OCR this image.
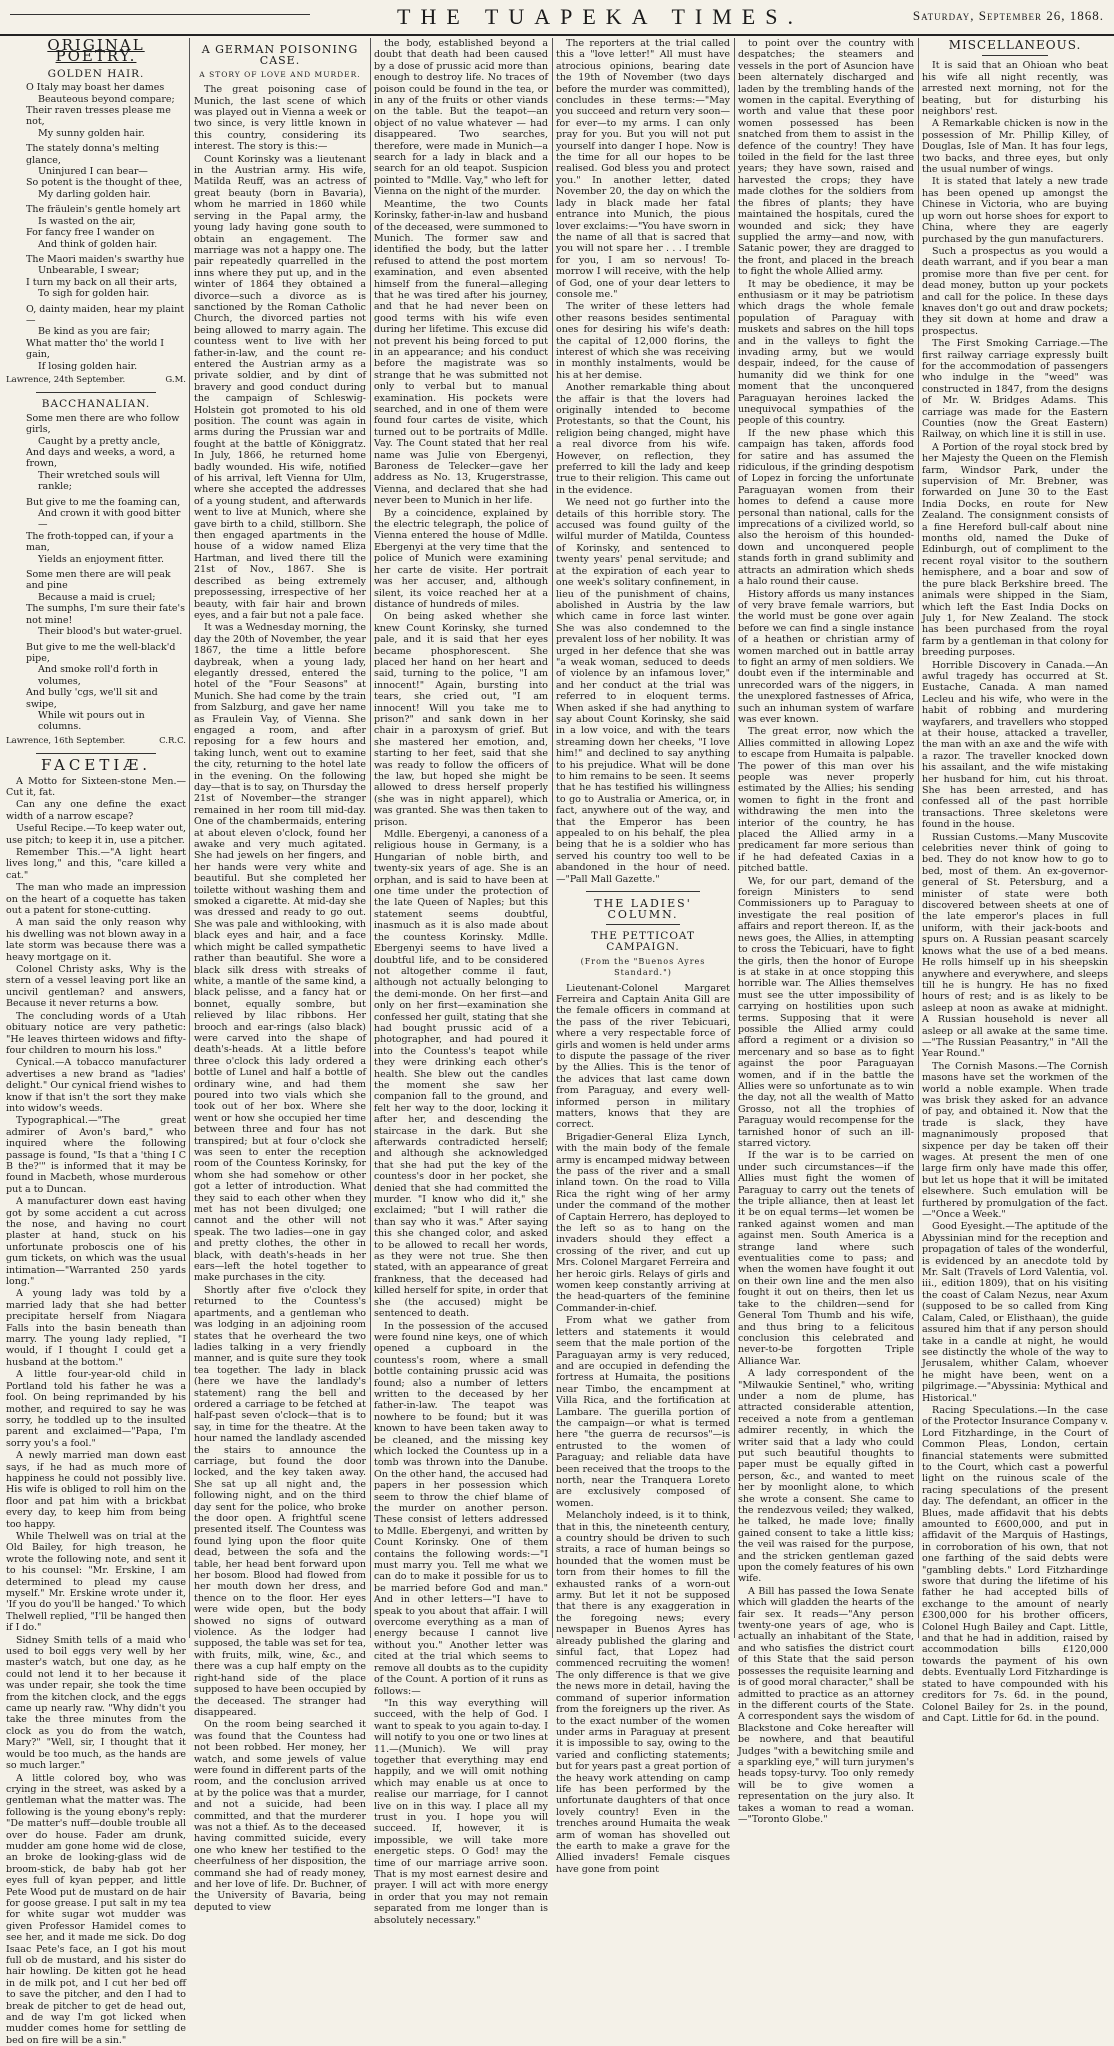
THE TUAPEKA TIMES.	Saturday, September 26, 1868.
ORIGINAL POETRY.
GOLDEN HAIR.

O Italy may boast her dames

Beauteous beyond compare;

Their raven tresses please me not,

My sunny golden hair.

The stately donna's melting glance,

Uninjured I can bear—

So potent is the thought of thee,

My darling golden hair.

The fräulein's gentle homely art

Is wasted on the air,

For fancy free I wander on

And think of golden hair.

The Maori maiden's swarthy hue

Unbearable, I swear;

I turn my back on all their arts,

To sigh for golden hair.

O, dainty maiden, hear my plaint—

Be kind as you are fair;

What matter tho' the world I gain,

If losing golden hair.

Lawrence, 24th September.	G.M.
BACCHANALIAN.

Some men there are who follow girls,

Caught by a pretty ancle,

And days and weeks, a word, a frown,

Their wretched souls will rankle;

But give to me the foaming can,

And crown it with good bitter—

The froth-topped can, if your a man,

Yields an enjoyment fitter.

Some men there are will peak and pine

Because a maid is cruel;

The sumphs, I'm sure their fate's not mine!

Their blood's but water-gruel.

But give to me the well-black'd pipe,

And smoke roll'd forth in volumes,

And bully 'cgs, we'll sit and swipe,

While wit pours out in columns.

Lawrence, 16th September.	C.R.C.
FACETIÆ.

A Motto for Sixteen-stone Men.—Cut it, fat.

Can any one define the exact width of a narrow escape?

Useful Recipe.—To keep water out, use pitch; to keep it in, use a pitcher.

Remember This.—"A light heart lives long," and this, "care killed a cat."

The man who made an impression on the heart of a coquette has taken out a patent for stone-cutting.

A man said the only reason why his dwelling was not blown away in a late storm was because there was a heavy mortgage on it.

Colonel Christy asks, Why is the stern of a vessel leaving port like an uncivil gentleman? and answers, Because it never returns a bow.

The concluding words of a Utah obituary notice are very pathetic: "He leaves thirteen widows and fifty-four children to mourn his loss."

Cynical.—A tobacco manufacturer advertises a new brand as "ladies' delight." Our cynical friend wishes to know if that isn't the sort they make into widow's weeds.

Typographical.—"The great admirer of Avon's bard," who inquired where the following passage is found, "Is that a 'thing I C B the?'" is informed that it may be found in Macbeth, whose murderous put a to Duncan.

A manufacturer down east having got by some accident a cut across the nose, and having no court plaster at hand, stuck on his unfortunate proboscis one of his gum tickets, on which was the usual intimation—"Warranted 250 yards long."

A young lady was told by a married lady that she had better precipitate herself from Niagara Falls into the basin beneath than marry. The young lady replied, "I would, if I thought I could get a husband at the bottom."

A little four-year-old child in Portland told his father he was a fool. On being reprimanded by his mother, and required to say he was sorry, he toddled up to the insulted parent and exclaimed—"Papa, I'm sorry you's a fool."

A newly married man down east says, if he had as much more of happiness he could not possibly live. His wife is obliged to roll him on the floor and pat him with a brickbat every day, to keep him from being too happy.

While Thelwell was on trial at the Old Bailey, for high treason, he wrote the following note, and sent it to his counsel: "Mr. Erskine, I am determined to plead my cause myself." Mr. Erskine wrote under it, 'If you do you'll be hanged.' To which Thelwell replied, "I'll be hanged then if I do."

Sidney Smith tells of a maid who used to boil eggs very well by her master's watch, but one day, as he could not lend it to her because it was under repair, she took the time from the kitchen clock, and the eggs came up nearly raw. "Why didn't you take the three minutes from the clock as you do from the watch, Mary?" "Well, sir, I thought that it would be too much, as the hands are so much larger."

A little colored boy, who was crying in the street, was asked by a gentleman what the matter was. The following is the young ebony's reply: "De matter's nuff—double trouble all over do house. Fader am drunk, mudder am gone home wid de close, an broke de looking-glass wid de broom-stick, de baby hab got her eyes full of kyan pepper, and little Pete Wood put de mustard on de hair for goose grease. I put salt in my tea for white sugar wot mudder was given Professor Hamidel comes to see her, and it made me sick. Do dog Isaac Pete's face, an I got his mout full ob de mustard, and his sister do hair howling. De kitten got he head in de milk pot, and I cut her bed off to save the pitcher, and den I had to break de pitcher to get de head out, and de way I'm got licked when mudder comes home for settling de bed on fire will be a sin."

A GERMAN POISONING CASE.
A STORY OF LOVE AND MURDER.

The great poisoning case of Munich, the last scene of which was played out in Vienna a week or two since, is very little known in this country, considering its interest. The story is this:—

Count Korinsky was a lieutenant in the Austrian army. His wife, Matilda Reuff, was an actress of great beauty (born in Bavaria), whom he married in 1860 while serving in the Papal army, the young lady having gone south to obtain an engagement. The marriage was not a happy one. The pair repeatedly quarrelled in the inns where they put up, and in the winter of 1864 they obtained a divorce—such a divorce as is sanctioned by the Roman Catholic Church, the divorced parties not being allowed to marry again. The countess went to live with her father-in-law, and the count re-entered the Austrian army as a private soldier, and by dint of bravery and good conduct during the campaign of Schleswig-Holstein got promoted to his old position. The count was again in arms during the Prussian war and fought at the battle of Königgratz. In July, 1866, he returned home badly wounded. His wife, notified of his arrival, left Vienna for Ulm, where she accepted the addresses of a young student, and afterwards went to live at Munich, where she gave birth to a child, stillborn. She then engaged apartments in the house of a widow named Eliza Hartman, and lived there till the 21st of Nov., 1867. She is described as being extremely prepossessing, irrespective of her beauty, with fair hair and brown eyes, and a fair but not a pale face.

It was a Wednesday morning, the day the 20th of November, the year 1867, the time a little before daybreak, when a young lady, elegantly dressed, entered the hotel of the "Four Seasons" at Munich. She had come by the train from Salzburg, and gave her name as Fraulein Vay, of Vienna. She engaged a room, and after reposing for a few hours and taking lunch, went out to examine the city, returning to the hotel late in the evening. On the following day—that is to say, on Thursday the 21st of November—the stranger remained in her room till mid-day. One of the chambermaids, entering at about eleven o'clock, found her awake and very much agitated. She had jewels on her fingers, and her hands were very white and beautiful. But she completed her toilette without washing them and smoked a cigarette. At mid-day she was dressed and ready to go out. She was pale and withlooking, with black eyes and hair, and a face which might be called sympathetic rather than beautiful. She wore a black silk dress with streaks of white, a mantle of the same kind, a black pelisse, and a fancy hat or bonnet, equally sombre, but relieved by lilac ribbons. Her brooch and ear-rings (also black) were carved into the shape of death's-heads. At a little before three o'clock this lady ordered a bottle of Lunel and half a bottle of ordinary wine, and had them poured into two vials which she took out of her box. Where she went or how she occupied her time between three and four has not transpired; but at four o'clock she was seen to enter the reception room of the Countess Korinsky, for whom she had somehow or other got a letter of introduction. What they said to each other when they met has not been divulged; one cannot and the other will not speak. The two ladies—one in gay and pretty clothes, the other in black, with death's-heads in her ears—left the hotel together to make purchases in the city.

Shortly after five o'clock they returned to the Countess's apartments, and a gentleman who was lodging in an adjoining room states that he overheard the two ladies talking in a very friendly manner, and is quite sure they took tea together. The lady in black (here we have the landlady's statement) rang the bell and ordered a carriage to be fetched at half-past seven o'clock—that is to say, in time for the theatre. At the hour named the landlady ascended the stairs to announce the carriage, but found the door locked, and the key taken away. She sat up all night and, the following night, and on the third day sent for the police, who broke the door open. A frightful scene presented itself. The Countess was found lying upon the floor quite dead, between the sofa and the table, her head bent forward upon her bosom. Blood had flowed from her mouth down her dress, and thence on to the floor. Her eyes were wide open, but the body showed no signs of outward violence. As the lodger had supposed, the table was set for tea, with fruits, milk, wine, &c., and there was a cup half empty on the right-hand side of the place supposed to have been occupied by the deceased. The stranger had disappeared.

On the room being searched it was found that the Countess had not been robbed. Her money, her watch, and some jewels of value were found in different parts of the room, and the conclusion arrived at by the police was that a murder, and not a suicide, had been committed, and that the murderer was not a thief. As to the deceased having committed suicide, every one who knew her testified to the cheerfulness of her disposition, the command she had of ready money, and her love of life. Dr. Buchner, of the University of Bavaria, being deputed to view

the body, established beyond a doubt that death had been caused by a dose of prussic acid more than enough to destroy life. No traces of poison could be found in the tea, or in any of the fruits or other viands on the table. But the teapot—an object of no value whatever — had disappeared. Two searches, therefore, were made in Munich—a search for a lady in black and a search for an old teapot. Suspicion pointed to "Mdlle. Vay," who left for Vienna on the night of the murder.

Meantime, the two Counts Korinsky, father-in-law and husband of the deceased, were summoned to Munich. The former saw and identified the body, but the latter refused to attend the post mortem examination, and even absented himself from the funeral—alleging that he was tired after his journey, and that he had never been on good terms with his wife even during her lifetime. This excuse did not prevent his being forced to put in an appearance; and his conduct before the magistrate was so strange that he was submitted not only to verbal but to manual examination. His pockets were searched, and in one of them were found four cartes de visite, which turned out to be portraits of Mdlle. Vay. The Count stated that her real name was Julie von Ebergenyi, Baroness de Telecker—gave her address as No. 13, Krugerstrasse, Vienna, and declared that she had never been to Munich in her life.

By a coincidence, explained by the electric telegraph, the police of Vienna entered the house of Mdlle. Ebergenyi at the very time that the police of Munich were examining her carte de visite. Her portrait was her accuser, and, although silent, its voice reached her at a distance of hundreds of miles.

On being asked whether she knew Count Korinsky, she turned pale, and it is said that her eyes became phosphorescent. She placed her hand on her heart and said, turning to the police, "I am innocent!" Again, bursting into tears, she cried out, "I am innocent! Will you take me to prison?" and sank down in her chair in a paroxysm of grief. But she mastered her emotion, and, starting to her feet, said that she was ready to follow the officers of the law, but hoped she might be allowed to dress herself properly (she was in night apparel), which was granted. She was then taken to prison.

Mdlle. Ebergenyi, a canoness of a religious house in Germany, is a Hungarian of noble birth, and twenty-six years of age. She is an orphan, and is said to have been at one time under the protection of the late Queen of Naples; but this statement seems doubtful, inasmuch as it is also made about the countess Korinsky. Mdlle. Ebergenyi seems to have lived a doubtful life, and to be considered not altogether comme il faut, although not actually belonging to the demi-monde. On her first—and only on her first—examination she confessed her guilt, stating that she had bought prussic acid of a photographer, and had poured it into the Countess's teapot while they were drinking each other's health. She blew out the candles the moment she saw her companion fall to the ground, and felt her way to the door, locking it after her, and descending the staircase in the dark. But she afterwards contradicted herself; and although she acknowledged that she had put the key of the countess's door in her pocket, she denied that she had committed the murder. "I know who did it," she exclaimed; "but I will rather die than say who it was." After saying this she changed color, and asked to be allowed to recall her words, as they were not true. She then stated, with an appearance of great frankness, that the deceased had killed herself for spite, in order that she (the accused) might be sentenced to death.

In the possession of the accused were found nine keys, one of which opened a cupboard in the countess's room, where a small bottle containing prussic acid was found; also a number of letters written to the deceased by her father-in-law. The teapot was nowhere to be found; but it was known to have been taken away to be cleaned, and the missing key which locked the Countess up in a tomb was thrown into the Danube. On the other hand, the accused had papers in her possession which seem to throw the chief blame of the murder on another person. These consist of letters addressed to Mdlle. Ebergenyi, and written by Count Korinsky. One of them contains the following words:—"I must marry you. Tell me what we can do to make it possible for us to be married before God and man." And in other letters—"I have to speak to you about that affair. I will overcome everything as a man of energy because I cannot live without you." Another letter was cited at the trial which seems to remove all doubts as to the cupidity of the Count. A portion of it runs as follows:—

"In this way everything will succeed, with the help of God. I want to speak to you again to-day. I will notify to you one or two lines at 11.—(Munich). We will pray together that everything may end happily, and we will omit nothing which may enable us at once to realise our marriage, for I cannot live on in this way. I place all my trust in you. I hope you will succeed. If, however, it is impossible, we will take more energetic steps. O God! may the time of our marriage arrive soon. That is my most earnest desire and prayer. I will act with more energy in order that you may not remain separated from me longer than is absolutely necessary."

The reporters at the trial called this a "love letter!" All must have atrocious opinions, bearing date the 19th of November (two days before the murder was committed), concludes in these terms:—"May you succeed and return very soon—for ever—to my arms. I can only pray for you. But you will not put yourself into danger I hope. Now is the time for all our hopes to be realised. God bless you and protect you." In another letter, dated November 20, the day on which the lady in black made her fatal entrance into Munich, the pious lover exclaims:—"You have sworn in the name of all that is sacred that you will not spare her . . . I tremble for you, I am so nervous! To-morrow I will receive, with the help of God, one of your dear letters to console me."

The writer of these letters had other reasons besides sentimental ones for desiring his wife's death: the capital of 12,000 florins, the interest of which she was receiving in monthly instalments, would be his at her demise.

Another remarkable thing about the affair is that the lovers had originally intended to become Protestants, so that the Count, his religion being changed, might have a real divorce from his wife. However, on reflection, they preferred to kill the lady and keep true to their religion. This came out in the evidence.

We need not go further into the details of this horrible story. The accused was found guilty of the wilful murder of Matilda, Countess of Korinsky, and sentenced to twenty years' penal servitude; and at the expiration of each year to one week's solitary confinement, in lieu of the punishment of chains, abolished in Austria by the law which came in force last winter. She was also condemned to the prevalent loss of her nobility. It was urged in her defence that she was "a weak woman, seduced to deeds of violence by an infamous lover," and her conduct at the trial was referred to in eloquent terms. When asked if she had anything to say about Count Korinsky, she said in a low voice, and with the tears streaming down her cheeks, "I love him!" and declined to say anything to his prejudice. What will be done to him remains to be seen. It seems that he has testified his willingness to go to Australia or America, or, in fact, anywhere out of the way, and that the Emperor has been appealed to on his behalf, the plea being that he is a soldier who has served his country too well to be abandoned in the hour of need.—"Pall Mall Gazette."

THE LADIES' COLUMN.
THE PETTICOAT CAMPAIGN.
(From the "Buenos Ayres Standard.")

Lieutenant-Colonel Margaret Ferreira and Captain Anita Gill are the female officers in command at the pass of the river Tebicuari, where a very respectable force of girls and women is held under arms to dispute the passage of the river by the Allies. This is the tenor of the advices that last came down from Paraguay, and every well-informed person in military matters, knows that they are correct.

Brigadier-General Eliza Lynch, with the main body of the female army is encamped midway between the pass of the river and a small inland town. On the road to Villa Rica the right wing of her army under the command of the mother of Captain Herrero, has deployed to the left so as to hang on the invaders should they effect a crossing of the river, and cut up Mrs. Colonel Margaret Ferreira and her heroic girls. Relays of girls and women keep constantly arriving at the head-quarters of the feminine Commander-in-chief.

From what we gather from letters and statements it would seem that the male portion of the Paraguayan army is very reduced, and are occupied in defending the fortress at Humaita, the positions near Timbo, the encampment at Villa Rica, and the fortification at Lambare. The guerilla portion of the campaign—or what is termed here "the guerra de recursos"—is entrusted to the women of Paraguay; and reliable data have been received that the troops to the north, near the Tranquera Loreto are exclusively composed of women.

Melancholy indeed, is it to think, that in this, the nineteenth century, a country should be driven to such straits, a race of human beings so hounded that the women must be torn from their homes to fill the exhausted ranks of a worn-out army. But let it not be supposed that there is any exaggeration in the foregoing news; every newspaper in Buenos Ayres has already published the glaring and sinful fact, that Lopez had commenced recruiting the women! The only difference is that we give the news more in detail, having the command of superior information from the foreigners up the river. As to the exact number of the women under arms in Paraguay at present it is impossible to say, owing to the varied and conflicting statements; but for years past a great portion of the heavy work attending on camp life has been performed by the unfortunate daughters of that once lovely country! Even in the trenches around Humaita the weak arm of woman has shovelled out the earth to make a grave for the Allied invaders! Female cisques have gone from point

to point over the country with despatches; the steamers and vessels in the port of Asuncion have been alternately discharged and laden by the trembling hands of the women in the capital. Everything of worth and value that these poor women possessed has been snatched from them to assist in the defence of the country! They have toiled in the field for the last three years; they have sown, raised and harvested the crops; they have made clothes for the soldiers from the fibres of plants; they have maintained the hospitals, cured the wounded and sick; they have supplied the army—and now, with Satanic power, they are dragged to the front, and placed in the breach to fight the whole Allied army.

It may be obedience, it may be enthusiasm or it may be patriotism which drags the whole female population of Paraguay with muskets and sabres on the hill tops and in the valleys to fight the invading army, but we would despair, indeed, for the cause of humanity did we think for one moment that the unconquered Paraguayan heroines lacked the unequivocal sympathies of the people of this country.

If the new phase which this campaign has taken, affords food for satire and has assumed the ridiculous, if the grinding despotism of Lopez in forcing the unfortunate Paraguayan women from their homes to defend a cause more personal than national, calls for the imprecations of a civilized world, so also the heroism of this hounded-down and unconquered people stands forth in grand sublimity and attracts an admiration which sheds a halo round their cause.

History affords us many instances of very brave female warriors, but the world must be gone over again before we can find a single instance of a heathen or christian army of women marched out in battle array to fight an army of men soldiers. We doubt even if the interminable and unrecorded wars of the niggers, in the unexplored fastnesses of Africa, such an inhuman system of warfare was ever known.

The great error, now which the Allies committed in allowing Lopez to escape from Humaita is palpable. The power of this man over his people was never properly estimated by the Allies; his sending women to fight in the front and withdrawing the men into the interior of the country, he has placed the Allied army in a predicament far more serious than if he had defeated Caxias in a pitched battle.

We, for our part, demand of the foreign Ministers to send Commissioners up to Paraguay to investigate the real position of affairs and report thereon. If, as the news goes, the Allies, in attempting to cross the Tebicuari, have to fight the girls, then the honor of Europe is at stake in at once stopping this horrible war. The Allies themselves must see the utter impossibility of carrying on hostilities upon such terms. Supposing that it were possible the Allied army could afford a regiment or a division so mercenary and so base as to fight against the poor Paraguayan women, and if in the battle the Allies were so unfortunate as to win the day, not all the wealth of Matto Grosso, not all the trophies of Paraguay would recompense for the tarnished honor of such an ill-starred victory.

If the war is to be carried on under such circumstances—if the Allies must fight the women of Paraguay to carry out the tenets of the triple alliance, then at least let it be on equal terms—let women be ranked against women and man against men. South America is a strange land where such eventualities come to pass; and when the women have fought it out on their own line and the men also fought it out on theirs, then let us take to the children—send for General Tom Thumb and his wife, and thus bring to a felicitous conclusion this celebrated and never-to-be forgotten Triple Alliance War.

A lady correspondent of the "Milwaukie Sentinel," who, writing under a nom de plume, has attracted considerable attention, received a note from a gentleman admirer recently, in which the writer said that a lady who could put such beautiful thoughts to paper must be equally gifted in person, &c., and wanted to meet her by moonlight alone, to which she wrote a consent. She came to the rendezvous veiled; they walked, he talked, he made love; finally gained consent to take a little kiss; the veil was raised for the purpose, and the stricken gentleman gazed upon the comely features of his own wife.

A Bill has passed the Iowa Senate which will gladden the hearts of the fair sex. It reads—"Any person twenty-one years of age, who is actually an inhabitant of the State, and who satisfies the district court of this State that the said person possesses the requisite learning and is of good moral character," shall be admitted to practice as an attorney in the different courts of the State. A correspondent says the wisdom of Blackstone and Coke hereafter will be nowhere, and that beautiful Judges "with a bewitching smile and a sparkling eye," will turn jurymen's heads topsy-turvy. Too only remedy will be to give women a representation on the jury also. It takes a woman to read a woman.—"Toronto Globe."

MISCELLANEOUS.

It is said that an Ohioan who beat his wife all night recently, was arrested next morning, not for the beating, but for disturbing his neighbors' rest.

A Remarkable chicken is now in the possession of Mr. Phillip Killey, of Douglas, Isle of Man. It has four legs, two backs, and three eyes, but only the usual number of wings.

It is stated that lately a new trade has been opened up amongst the Chinese in Victoria, who are buying up worn out horse shoes for export to China, where they are eagerly purchased by the gun manufacturers.

Such a prospectus as you would a death warrant, and if you bear a man promise more than five per cent. for dead money, button up your pockets and call for the police. In these days knaves don't go out and draw pockets; they sit down at home and draw a prospectus.

The First Smoking Carriage.—The first railway carriage expressly built for the accommodation of passengers who indulge in the "weed" was constructed in 1847, from the designs of Mr. W. Bridges Adams. This carriage was made for the Eastern Counties (now the Great Eastern) Railway, on which line it is still in use.

A Portion of the royal stock bred by her Majesty the Queen on the Flemish farm, Windsor Park, under the supervision of Mr. Brebner, was forwarded on June 30 to the East India Docks, en route for New Zealand. The consignment consists of a fine Hereford bull-calf about nine months old, named the Duke of Edinburgh, out of compliment to the recent royal visitor to the southern hemisphere, and a boar and sow of the pure black Berkshire breed. The animals were shipped in the Siam, which left the East India Docks on July 1, for New Zealand. The stock has been purchased from the royal farm by a gentleman in that colony for breeding purposes.

Horrible Discovery in Canada.—An awful tragedy has occurred at St. Eustache, Canada. A man named Lecleu and his wife, who were in the habit of robbing and murdering wayfarers, and travellers who stopped at their house, attacked a traveller, the man with an axe and the wife with a razor. The traveller knocked down his assailant, and the wife mistaking her husband for him, cut his throat. She has been arrested, and has confessed all of the past horrible transactions. Three skeletons were found in the house.

Russian Customs.—Many Muscovite celebrities never think of going to bed. They do not know how to go to bed, most of them. An ex-governor-general of St. Petersburg, and a minister of state were both discovered between sheets at one of the late emperor's places in full uniform, with their jack-boots and spurs on. A Russian peasant scarcely knows what the use of a bed means. He rolls himself up in his sheepskin anywhere and everywhere, and sleeps till he is hungry. He has no fixed hours of rest; and is as likely to be asleep at noon as awake at midnight. A Russian household is never all asleep or all awake at the same time.—"The Russian Peasantry," in "All the Year Round."

The Cornish Masons.—The Cornish masons have set the workmen of the world a noble example. When trade was brisk they asked for an advance of pay, and obtained it. Now that the trade is slack, they have magnanimously proposed that sixpence per day be taken off their wages. At present the men of one large firm only have made this offer, but let us hope that it will be imitated elsewhere. Such emulation will be furthered by promulgation of the fact.—"Once a Week."

Good Eyesight.—The aptitude of the Abyssinian mind for the reception and propagation of tales of the wonderful, is evidenced by an anecdote told by Mr. Salt (Travels of Lord Valentia, vol. iii., edition 1809), that on his visiting the coast of Calam Nezus, near Axum (supposed to be so called from King Calam, Caled, or Elisthaan), the guide assured him that if any person should take in a candle at night, he would see distinctly the whole of the way to Jerusalem, whither Calam, whoever he might have been, went on a pilgrimage.—"Abyssinia: Mythical and Historical."

Racing Speculations.—In the case of the Protector Insurance Company v. Lord Fitzhardinge, in the Court of Common Pleas, London, certain financial statements were submitted to the Court, which cast a powerful light on the ruinous scale of the racing speculations of the present day. The defendant, an officer in the Blues, made affidavit that his debts amounted to £600,000, and put in affidavit of the Marquis of Hastings, in corroboration of his own, that not one farthing of the said debts were "gambling debts." Lord Fitzhardinge swore that during the lifetime of his father he had accepted bills of exchange to the amount of nearly £300,000 for his brother officers, Colonel Hugh Bailey and Capt. Little, and that he had in addition, raised by accommodation bills £120,000 towards the payment of his own debts. Eventually Lord Fitzhardinge is stated to have compounded with his creditors for 7s. 6d. in the pound, Colonel Bailey for 2s. in the pound, and Capt. Little for 6d. in the pound.
